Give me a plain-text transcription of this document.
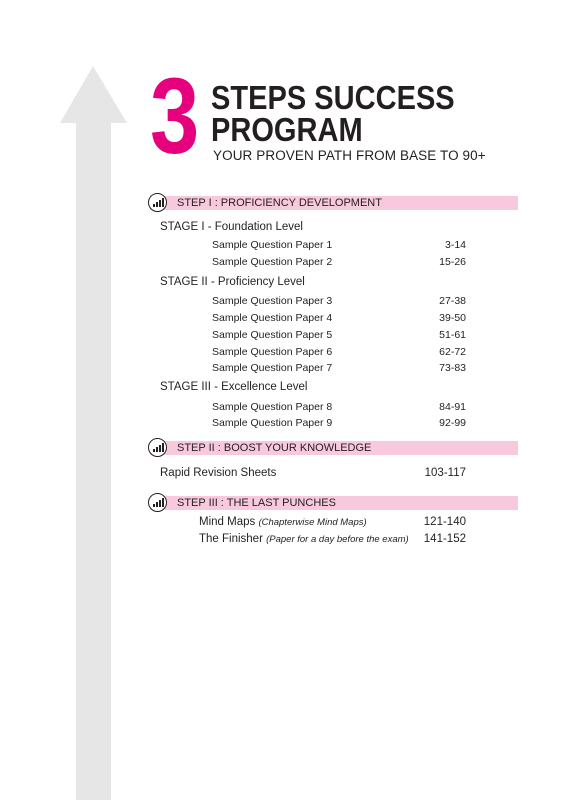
3 STEPS SUCCESS
PROGRAM
YOUR PROVEN PATH FROM BASE TO 90+
STEP I : PROFICIENCY DEVELOPMENT
STAGE I - Foundation Level
Sample Question Paper 1	3-14
Sample Question Paper 2	15-26
STAGE II - Proficiency Level
Sample Question Paper 3	27-38
Sample Question Paper 4	39-50
Sample Question Paper 5	51-61
Sample Question Paper 6	62-72
Sample Question Paper 7	73-83
STAGE III - Excellence Level
Sample Question Paper 8	84-91
Sample Question Paper 9	92-99
STEP II : BOOST YOUR KNOWLEDGE
Rapid Revision Sheets	103-117
STEP III : THE LAST PUNCHES
Mind Maps (Chapterwise Mind Maps)	121-140
The Finisher (Paper for a day before the exam) 141-152
